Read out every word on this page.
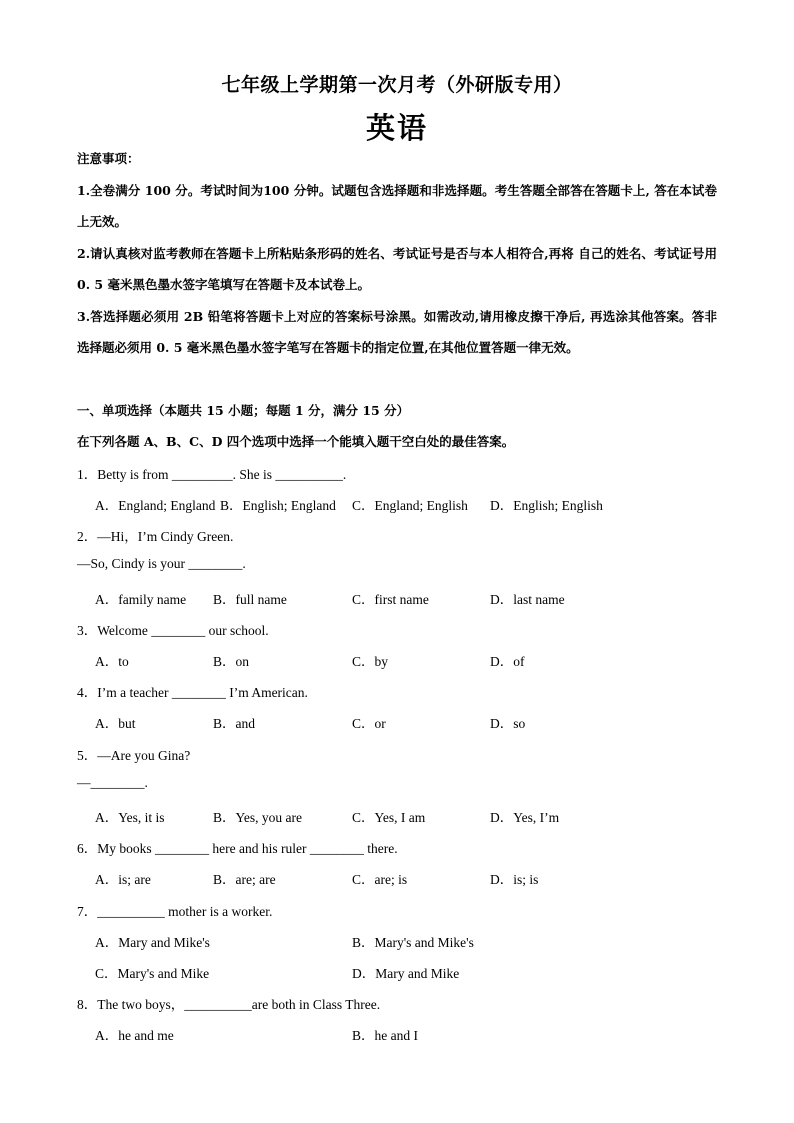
七年级上学期第一次月考（外研版专用）
英语

注意事项：

1.全卷满分 100 分。考试时间为100 分钟。试题包含选择题和非选择题。考生答题全部答在答题卡上, 答在本试卷上无效。

2.请认真核对监考教师在答题卡上所粘贴条形码的姓名、考试证号是否与本人相符合,再将 自己的姓名、考试证号用 0. 5 毫米黑色墨水签字笔填写在答题卡及本试卷上。

3.答选择题必须用 2B 铅笔将答题卡上对应的答案标号涂黑。如需改动,请用橡皮擦干净后, 再选涂其他答案。答非选择题必须用 0. 5 毫米黑色墨水签字笔写在答题卡的指定位置,在其他位置答题一律无效。

一、单项选择（本题共 15 小题；每题 1 分，满分 15 分）
在下列各题 A、B、C、D 四个选项中选择一个能填入题干空白处的最佳答案。
1．Betty is from _________. She is __________.
A．England; England B．English; England C．England; English D．English; English
2．—Hi，I’m Cindy Green.
—So, Cindy is your ________.
A．family name B．full name	C．first name	D．last name
3．Welcome ________ our school.
A．to	B．on	C．by	D．of
4．I’m a teacher ________ I’m American.
A．but	B．and	C．or	D．so
5．—Are you Gina?
—________.
A．Yes, it is	B．Yes, you are	C．Yes, I am	D．Yes, I’m
6．My books ________ here and his ruler ________ there.
A．is; are	B．are; are	C．are; is	D．is; is
7．__________ mother is a worker.
A．Mary and Mike's	B．Mary's and Mike's
C．Mary's and Mike	D．Mary and Mike
8．The two boys，__________are both in Class Three.
A．he and me	B．he and I
